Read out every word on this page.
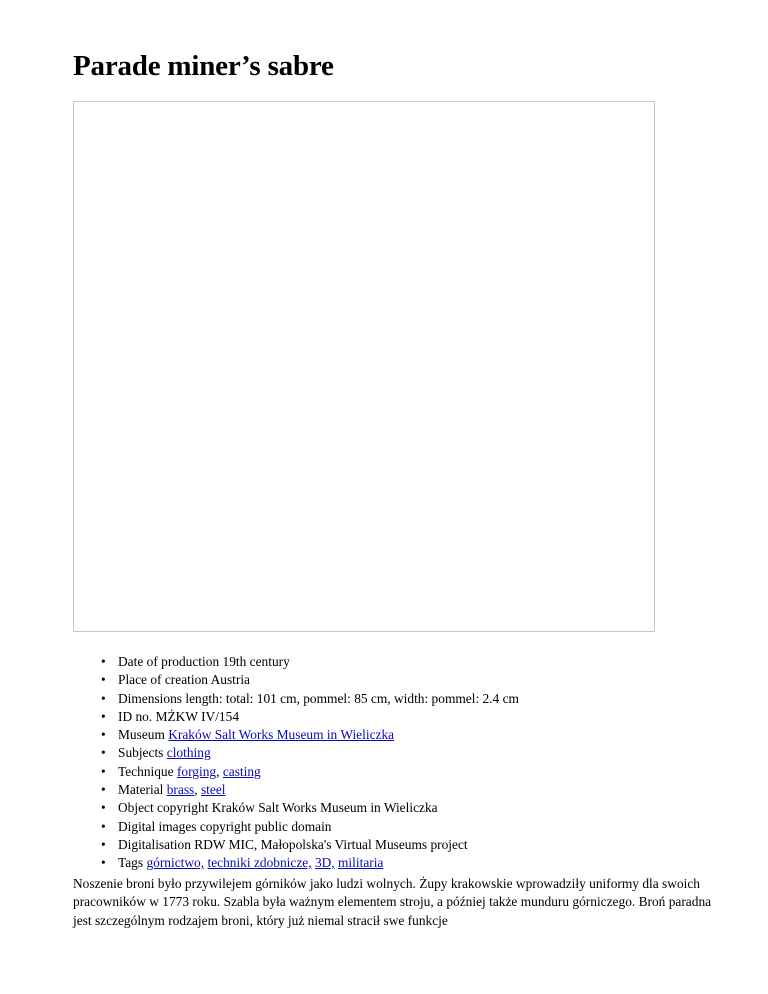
Parade miner’s sabre
• Date of production 19th century
• Place of creation Austria
• Dimensions length: total: 101 cm, pommel: 85 cm, width: pommel: 2.4 cm
• ID no. MŻKW IV/154
• Museum Kraków Salt Works Museum in Wieliczka
• Subjects clothing
• Technique forging, casting
• Material brass, steel
• Object copyright Kraków Salt Works Museum in Wieliczka
• Digital images copyright public domain
• Digitalisation RDW MIC, Małopolska's Virtual Museums project
• Tags górnictwo, techniki zdobnicze, 3D, militaria

Noszenie broni było przywilejem górników jako ludzi wolnych. Żupy krakowskie wprowadziły uniformy dla swoich pracowników w 1773 roku. Szabla była ważnym elementem stroju, a później także munduru górniczego. Broń paradna jest szczególnym rodzajem broni, który już niemal stracił swe funkcje
